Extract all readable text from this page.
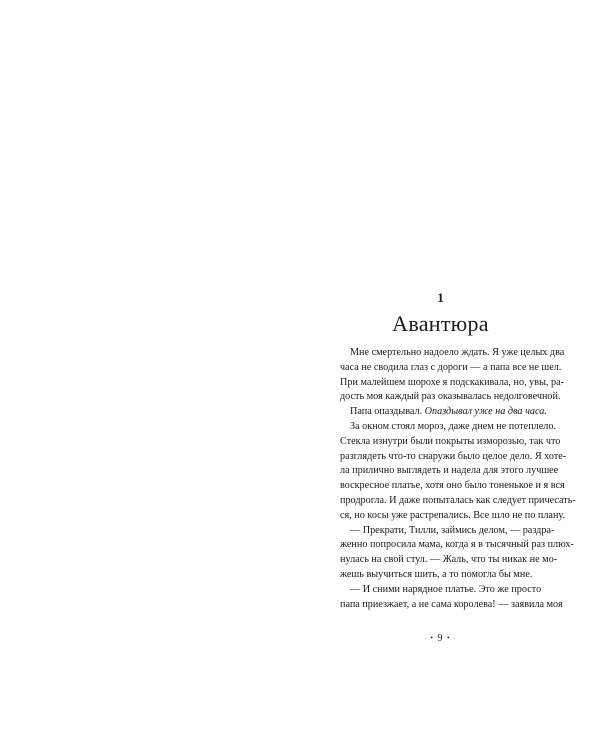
1
Авантюра
Мне смертельно надоело ждать. Я уже целых два
часа не сводила глаз с дороги — а папа все не шел.
При малейшем шорохе я подскакивала, но, увы, ра-
дость моя каждый раз оказывалась недолговечной.
Папа опаздывал. Опаздывал уже на два часа.
За окном стоял мороз, даже днем не потеплело.
Стекла изнутри были покрыты изморозью, так что
разглядеть что-то снаружи было целое дело. Я хоте-
ла прилично выглядеть и надела для этого лучшее
воскресное платье, хотя оно было тоненькое и я вся
продрогла. И даже попыталась как следует причесать-
ся, но косы уже растрепались. Все шло не по плану.
— Прекрати, Тилли, займись делом, — раздра-
женно попросила мама, когда я в тысячный раз плюх-
нулась на свой стул. — Жаль, что ты никак не мо-
жешь выучиться шить, а то помогла бы мне.
— И сними нарядное платье. Это же просто
папа приезжает, а не сама королева! — заявила моя
• 9 •
